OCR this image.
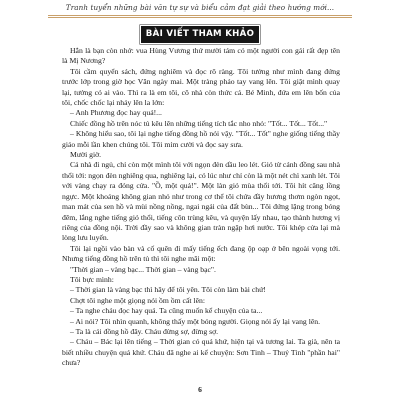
Tranh tuyển những bài văn tự sự và biểu cảm đạt giải theo hướng mới...
BÀI VIẾT THAM KHẢO

Hẳn là bạn còn nhớ: vua Hùng Vương thứ mười tám có một người con gái rất đẹp tên là Mị Nương?

Tôi cầm quyển sách, đứng nghiêm và đọc rõ ràng. Tôi tưởng như mình đang đứng trước lớp trong giờ học Văn ngày mai. Một tràng pháo tay vang lên. Tôi giật mình quay lại, tưởng có ai vào. Thì ra là em tôi, cô nhà còn thức cả. Bé Minh, đứa em lên bốn của tôi, chốc chốc lại nhảy lên la lớn:

– Anh Phương đọc hay quá!...

Chiếc đồng hồ trên nóc tủ kêu lên những tiếng tích tắc nho nhỏ: "Tốt... Tốt... Tốt..."

– Không hiểu sao, tôi lại nghe tiếng đồng hồ nói vậy. "Tốt... Tốt" nghe giống tiếng thầy giáo mỗi lần khen chúng tôi. Tôi mỉm cười và đọc say sưa.

Mười giờ.

Cả nhà đi ngủ, chỉ còn một mình tôi với ngọn đèn dầu leo lét. Gió từ cánh đồng sau nhà thổi tới: ngọn đèn nghiêng qua, nghiêng lại, có lúc như chỉ còn là một nét chì xanh lét. Tôi với vàng chạy ra đóng cửa. "Ồ, một quả!". Một làn gió mùa thổi tới. Tôi hít căng lồng ngực. Một khoảng không gian nhỏ như trong cơ thể tôi chứa đầy hương thơm ngòn ngọt, man mát của sen hồ và mùi nồng nồng, ngai ngái của đất bùn... Tôi đứng lặng trong bóng đêm, lắng nghe tiếng gió thổi, tiếng côn trùng kêu, và quyện lấy nhau, tạo thành hương vị riêng của đồng nội. Trời đầy sao và không gian tràn ngập hơi nước. Tôi khép cửa lại mà lòng lưu luyến.

Tôi lại ngồi vào bàn và cố quên đi mấy tiếng ếch đang ộp oạp ở bên ngoài vọng tới. Nhưng tiếng đồng hồ trên tủ thì tôi nghe mãi một:

"Thời gian – vàng bạc... Thời gian – vàng bạc".

Tôi bực mình:

– Thời gian là vàng bạc thì hãy để tôi yên. Tôi còn làm bài chứ!

Chợt tôi nghe một giọng nói ồm ồm cất lên:

– Ta nghe cháu đọc hay quá. Ta cũng muốn kể chuyện của ta...

– Ai nói? Tôi nhìn quanh, không thấy một bóng người. Giọng nói ấy lại vang lên.

– Ta là cái đồng hồ đây. Cháu đừng sợ, đừng sợ.

– Cháu – Bác lại lên tiếng – Thời gian có quá khứ, hiện tại và tương lai. Ta già, nên ta biết nhiều chuyện quá khứ. Cháu đã nghe ai kể chuyện: Sơn Tinh – Thuỷ Tinh "phần hai" chưa?

6
